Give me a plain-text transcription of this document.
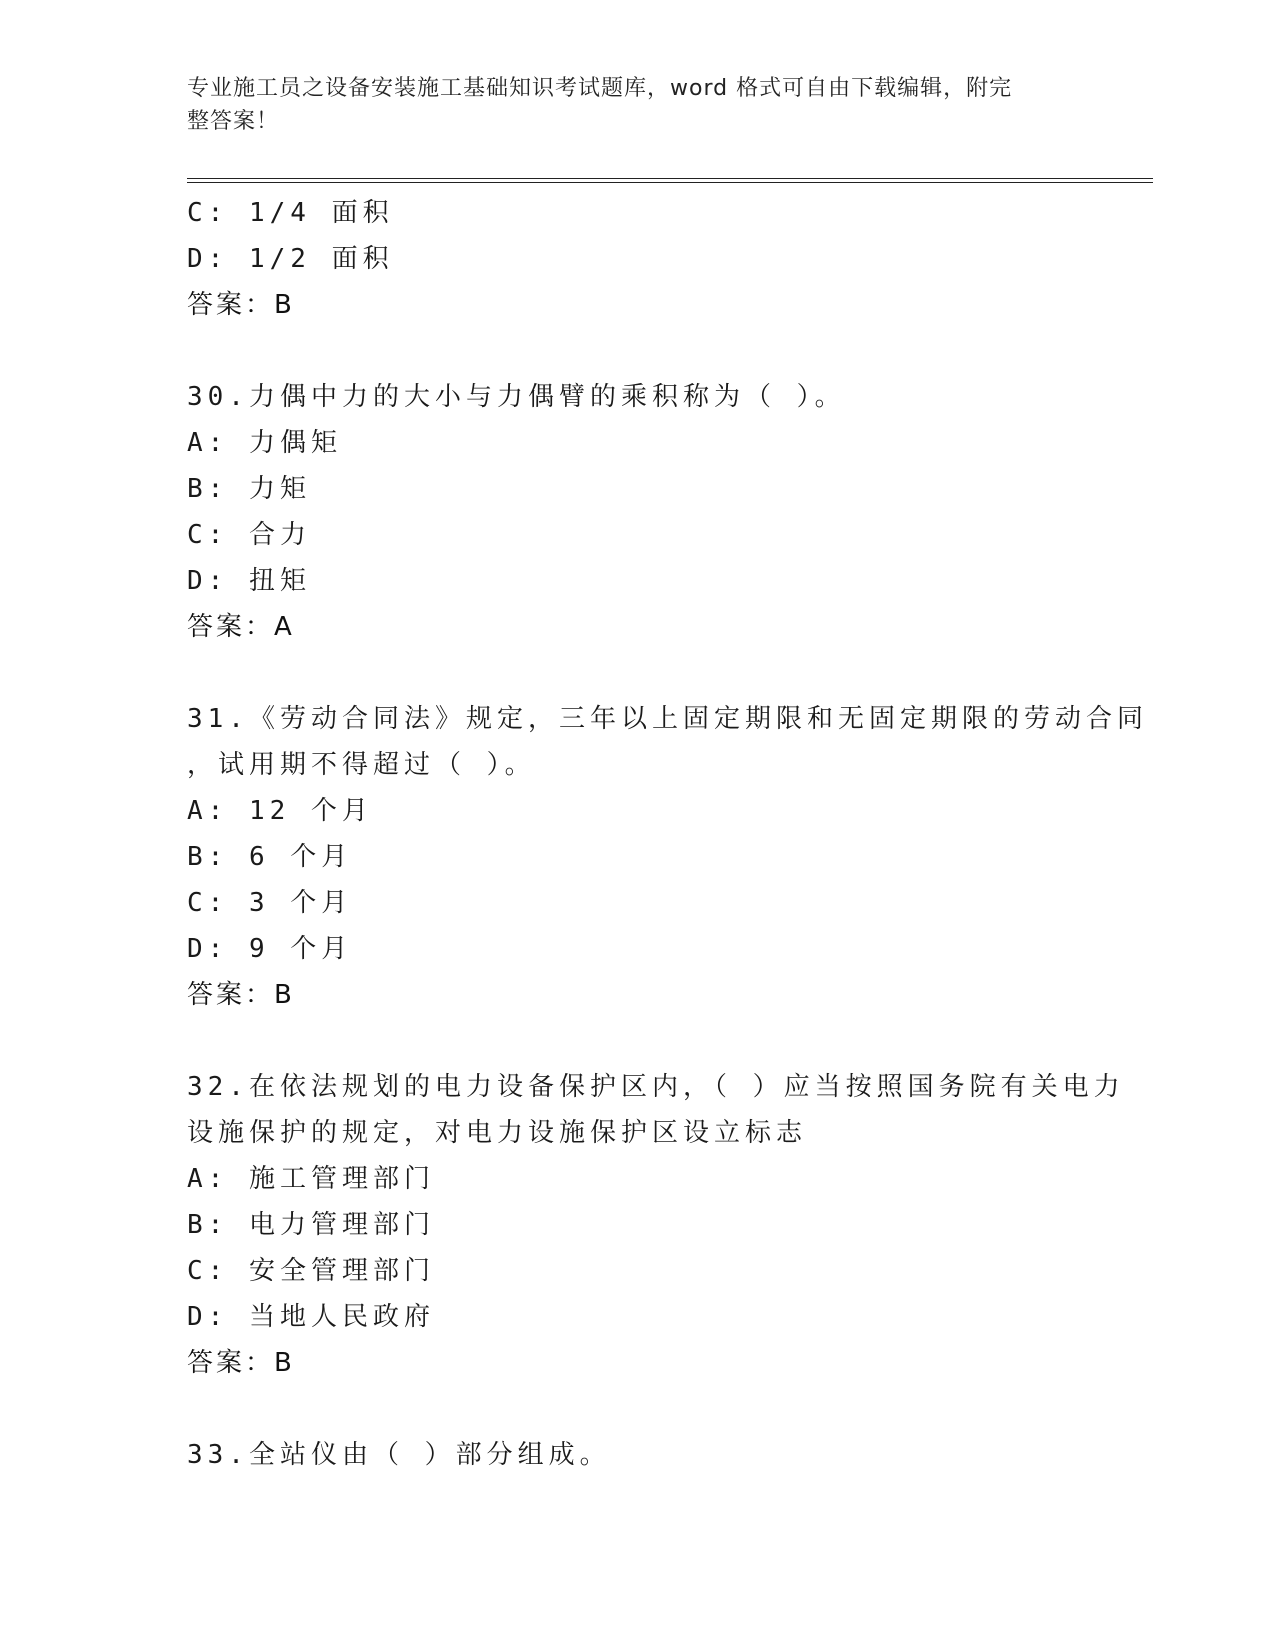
专业施工员之设备安装施工基础知识考试题库，word 格式可自由下载编辑，附完
整答案！
C: 1/4 面积
D: 1/2 面积
答案：B
30.力偶中力的大小与力偶臂的乘积称为（ ）。
A: 力偶矩
B: 力矩
C: 合力
D: 扭矩
答案：A
31.《劳动合同法》规定，三年以上固定期限和无固定期限的劳动合同
，试用期不得超过（ ）。
A: 12 个月
B: 6 个月
C: 3 个月
D: 9 个月
答案：B
32.在依法规划的电力设备保护区内，（ ）应当按照国务院有关电力
设施保护的规定，对电力设施保护区设立标志
A: 施工管理部门
B: 电力管理部门
C: 安全管理部门
D: 当地人民政府
答案：B
33.全站仪由（ ）部分组成。
